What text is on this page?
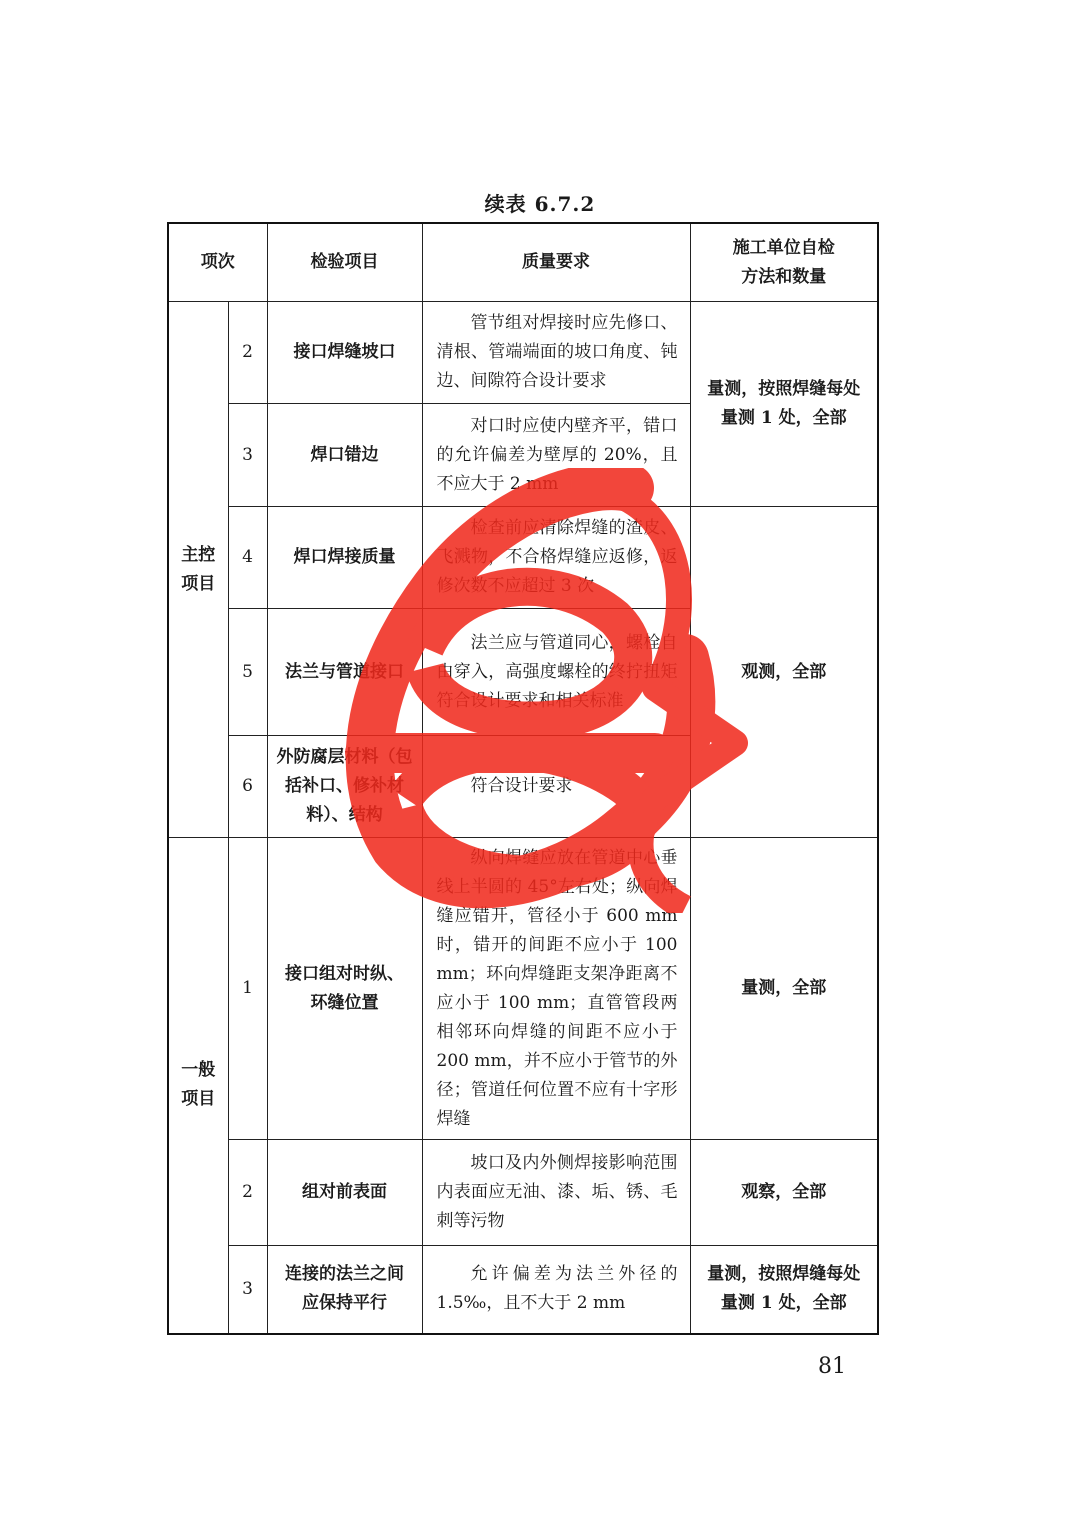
续表 6.7.2
项次		检验项目	质量要求	施工单位自检
方法和数量

主控
项目	2	接口焊缝坡口	管节组对焊接时应先修口、清根、管端端面的坡口角度、钝边、间隙符合设计要求	量测，按照焊缝每处量测 1 处，全部
	3	焊口错边	对口时应使内壁齐平，错口的允许偏差为壁厚的 20%，且不应大于 2 mm	
	4	焊口焊接质量	检查前应清除焊缝的渣皮、飞溅物，不合格焊缝应返修，返修次数不应超过 3 次	观测，全部
	5	法兰与管道接口	法兰应与管道同心，螺栓自由穿入，高强度螺栓的终拧扭矩符合设计要求和相关标准	
	6	外防腐层材料（包括补口、修补材料）、结构	符合设计要求	
一般
项目	1	接口组对时纵、环缝位置	纵向焊缝应放在管道中心垂线上半圆的 45°左右处；纵向焊缝应错开，管径小于 600 mm 时，错开的间距不应小于 100 mm；环向焊缝距支架净距离不应小于 100 mm；直管管段两相邻环向焊缝的间距不应小于 200 mm，并不应小于管节的外径；管道任何位置不应有十字形焊缝	量测，全部
	2	组对前表面	坡口及内外侧焊接影响范围内表面应无油、漆、垢、锈、毛刺等污物	观察，全部
	3	连接的法兰之间应保持平行	允许偏差为法兰外径的 1.5‰，且不大于 2 mm	量测，按照焊缝每处量测 1 处，全部
81
